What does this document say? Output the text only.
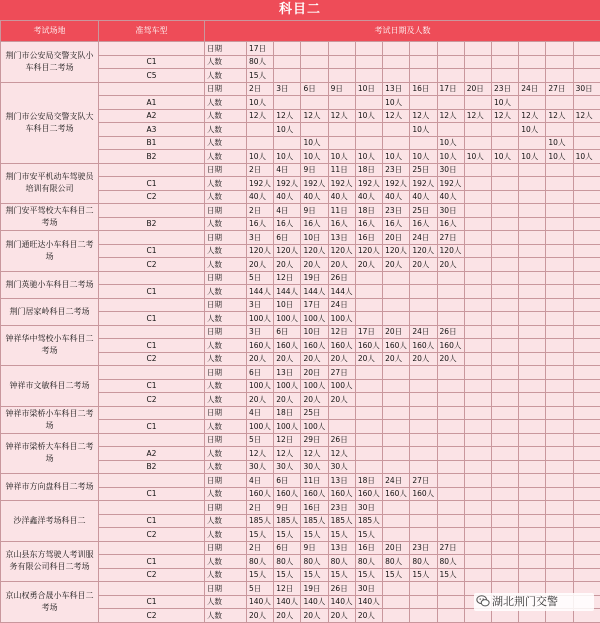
科目二
考试场地	准驾车型	考试日期及人数													
荆门市公安局交警支队小车科目二考场		日期	17日												
	C1	人数	80人												
	C5	人数	15人												
荆门市公安局交警支队大车科目二考场		日期	2日	3日	6日	9日	10日	13日	16日	17日	20日	23日	24日	27日	30日
	A1	人数	10人					10人				10人			
	A2	人数	12人	12人	12人	12人	10人	12人	12人	12人	12人	12人	12人	12人	12人
	A3	人数		10人					10人				10人		
	B1	人数			10人					10人				10人	
	B2	人数	10人	10人	10人	10人	10人	10人	10人	10人	10人	10人	10人	10人	10人
荆门市安平机动车驾驶员培训有限公司		日期	2日	4日	9日	11日	18日	23日	25日	30日					
	C1	人数	192人	192人	192人	192人	192人	192人	192人	192人					
	C2	人数	40人	40人	40人	40人	40人	40人	40人	40人					
荆门安平驾校大车科目二考场		日期	2日	4日	9日	11日	18日	23日	25日	30日					
	B2	人数	16人	16人	16人	16人	16人	16人	16人	16人					
荆门通旺达小车科目二考场		日期	3日	6日	10日	13日	16日	20日	24日	27日					
	C1	人数	120人	120人	120人	120人	120人	120人	120人	120人					
	C2	人数	20人	20人	20人	20人	20人	20人	20人	20人					
荆门英驰小车科目二考场		日期	5日	12日	19日	26日									
	C1	人数	144人	144人	144人	144人									
荆门居家岭科目二考场		日期	3日	10日	17日	24日									
	C1	人数	100人	100人	100人	100人									
钟祥华中驾校小车科目二考场		日期	3日	6日	10日	12日	17日	20日	24日	26日					
	C1	人数	160人	160人	160人	160人	160人	160人	160人	160人					
	C2	人数	20人	20人	20人	20人	20人	20人	20人	20人					
钟祥市文敏科目二考场		日期	6日	13日	20日	27日									
	C1	人数	100人	100人	100人	100人									
	C2	人数	20人	20人	20人	20人									
钟祥市梁桥小车科目二考场		日期	4日	18日	25日										
	C1	人数	100人	100人	100人										
钟祥市梁桥大车科目二考场		日期	5日	12日	29日	26日									
	A2	人数	12人	12人	12人	12人									
	B2	人数	30人	30人	30人	30人									
钟祥市方向盘科目二考场		日期	4日	6日	11日	13日	18日	24日	27日						
	C1	人数	160人	160人	160人	160人	160人	160人	160人						
沙洋鑫洋考场科目二		日期	2日	9日	16日	23日	30日								
	C1	人数	185人	185人	185人	185人	185人								
	C2	人数	15人	15人	15人	15人	15人								
京山县东方驾驶人考训服务有限公司科目二考场		日期	2日	6日	9日	13日	16日	20日	23日	27日					
	C1	人数	80人	80人	80人	80人	80人	80人	80人	80人					
	C2	人数	15人	15人	15人	15人	15人	15人	15人	15人					
京山权勇合晟小车科目二考场		日期	5日	12日	19日	26日	30日								
	C1	人数	140人	140人	140人	140人	140人								
	C2	人数	20人	20人	20人	20人	20人								
湖北荆门交警
